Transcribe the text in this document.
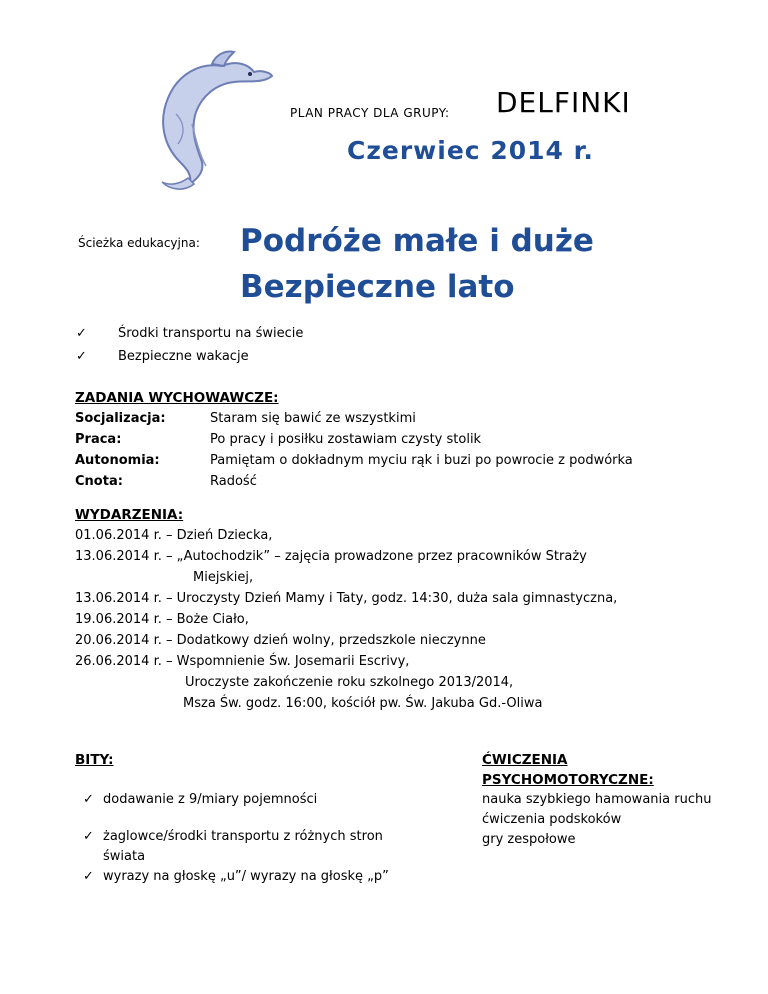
PLAN PRACY DLA GRUPY: DELFINKI
Czerwiec 2014 r.
Ścieżka edukacyjna: Podróże małe i duże
Bezpieczne lato
✓ Środki transportu na świecie
✓ Bezpieczne wakacje
ZADANIA WYCHOWAWCZE:
Socjalizacja:	Staram się bawić ze wszystkimi
Praca:	Po pracy i posiłku zostawiam czysty stolik
Autonomia:	Pamiętam o dokładnym myciu rąk i buzi po powrocie z podwórka
Cnota:	Radość
WYDARZENIA:
01.06.2014 r. – Dzień Dziecka,
13.06.2014 r. – „Autochodzik” – zajęcia prowadzone przez pracowników Straży
Miejskiej,
13.06.2014 r. – Uroczysty Dzień Mamy i Taty, godz. 14:30, duża sala gimnastyczna,
19.06.2014 r. – Boże Ciało,
20.06.2014 r. – Dodatkowy dzień wolny, przedszkole nieczynne
26.06.2014 r. – Wspomnienie Św. Josemarii Escrivy,
Uroczyste zakończenie roku szkolnego 2013/2014,
Msza Św. godz. 16:00, kościół pw. Św. Jakuba Gd.-Oliwa
BITY:
✓ dodawanie z 9/miary pojemności
✓ żaglowce/środki transportu z różnych stron świata
✓ wyrazy na głoskę „u”/ wyrazy na głoskę „p”
ĆWICZENIA
PSYCHOMOTORYCZNE:
nauka szybkiego hamowania ruchu
ćwiczenia podskoków
gry zespołowe
